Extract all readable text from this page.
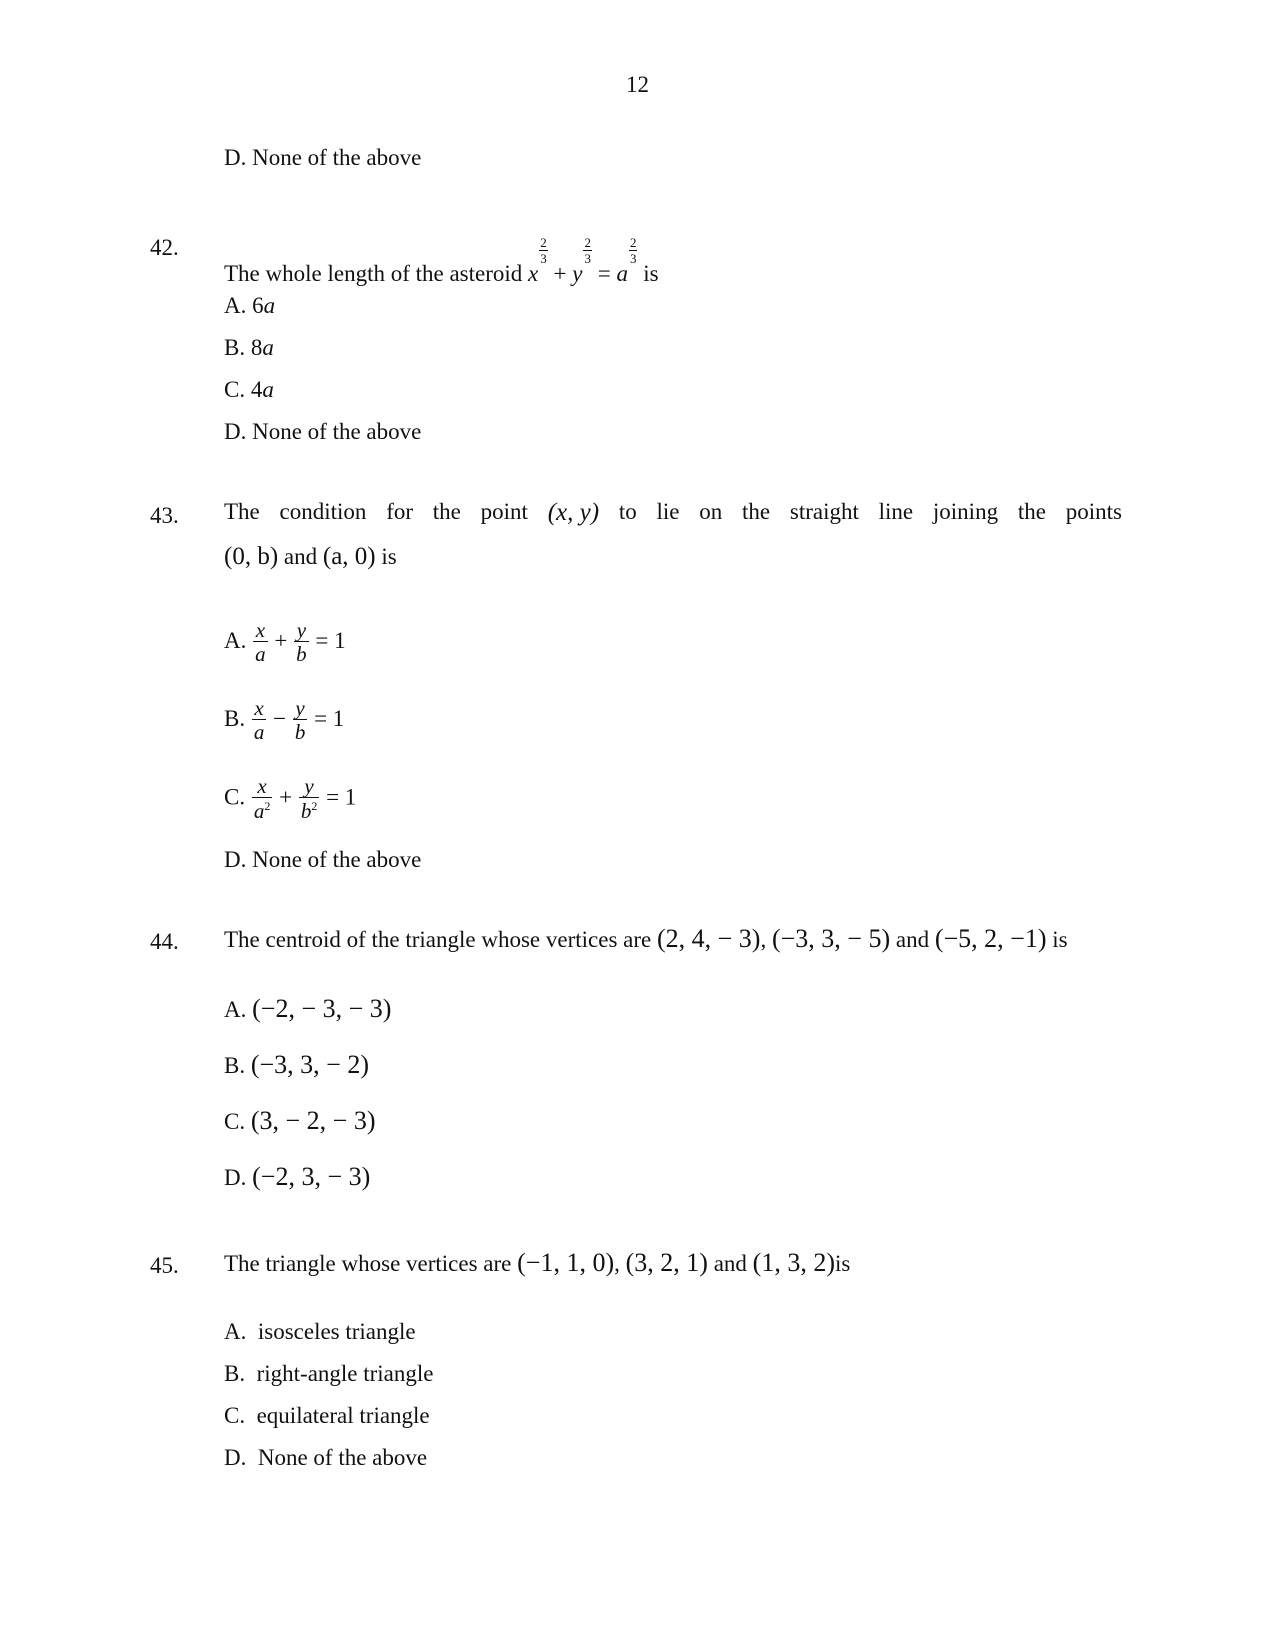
12
D. None of the above
42.
The whole length of the asteroid x
$\frac{2}{3}$
+ y
$\frac{2}{3}$
= a
$\frac{2}{3}$
is
A. 6a
B. 8a
C. 4a
D. None of the above
43. The condition for the point (x, y) to lie on the straight line joining the points
(0, b) and (a, 0) is
A. $\frac{x}{a} + \frac{y}{b} = 1$
B. $\frac{x}{a} - \frac{y}{b} = 1$
C. $\frac{x}{a^2} + \frac{y}{b^2} = 1$
D. None of the above
44. The centroid of the triangle whose vertices are (2, 4, − 3), (−3, 3, − 5) and (−5, 2, −1) is
A. (−2, − 3, − 3)
B. (−3, 3, − 2)
C. (3, − 2, − 3)
D. (−2, 3, − 3)
45. The triangle whose vertices are (−1, 1, 0), (3, 2, 1) and (1, 3, 2)is
A.  isosceles triangle
B.  right-angle triangle
C.  equilateral triangle
D.  None of the above
